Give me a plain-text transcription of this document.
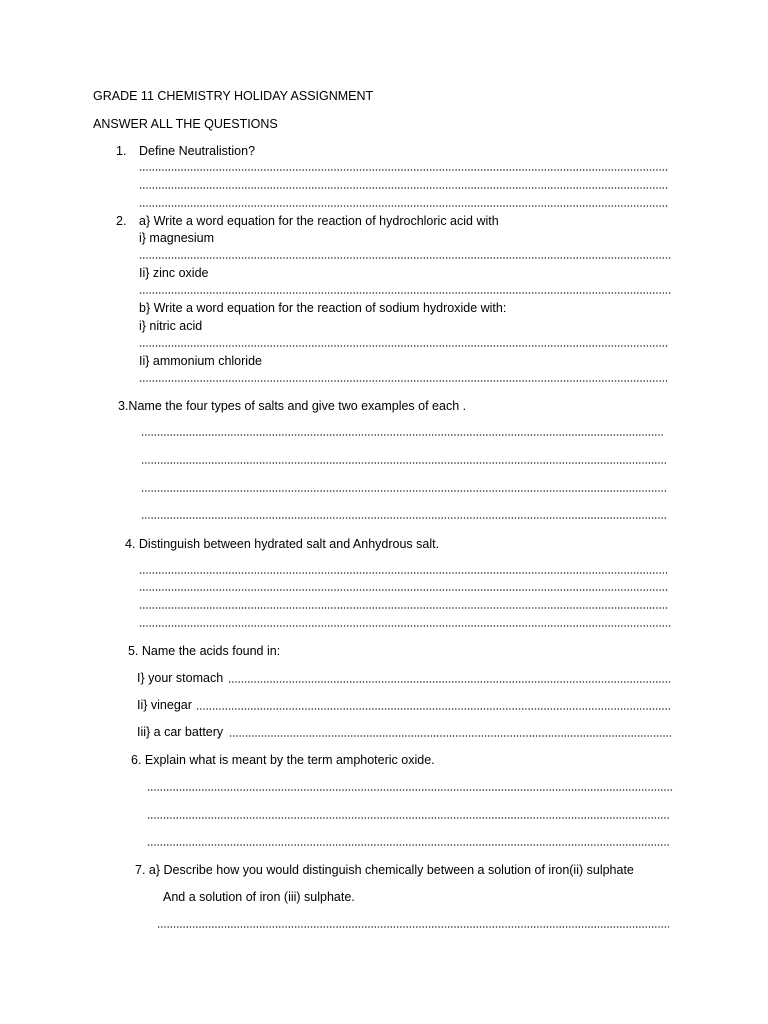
GRADE 11 CHEMISTRY HOLIDAY ASSIGNMENT
ANSWER ALL THE QUESTIONS
1. Define Neutralistion?
2. a} Write a word equation for the reaction of hydrochloric acid with
i} magnesium
Ii} zinc oxide
b} Write a word equation for the reaction of sodium hydroxide with:
i} nitric acid
Ii} ammonium chloride
3.Name the four types of salts and give two examples of each .
4. Distinguish between hydrated salt and Anhydrous salt.
5. Name the acids found in:
I} your stomach
Ii} vinegar
Iii} a car battery
6. Explain what is meant by the term amphoteric oxide.
7. a} Describe how you would distinguish chemically between a solution of iron(ii) sulphate
And a solution of iron (iii) sulphate.
